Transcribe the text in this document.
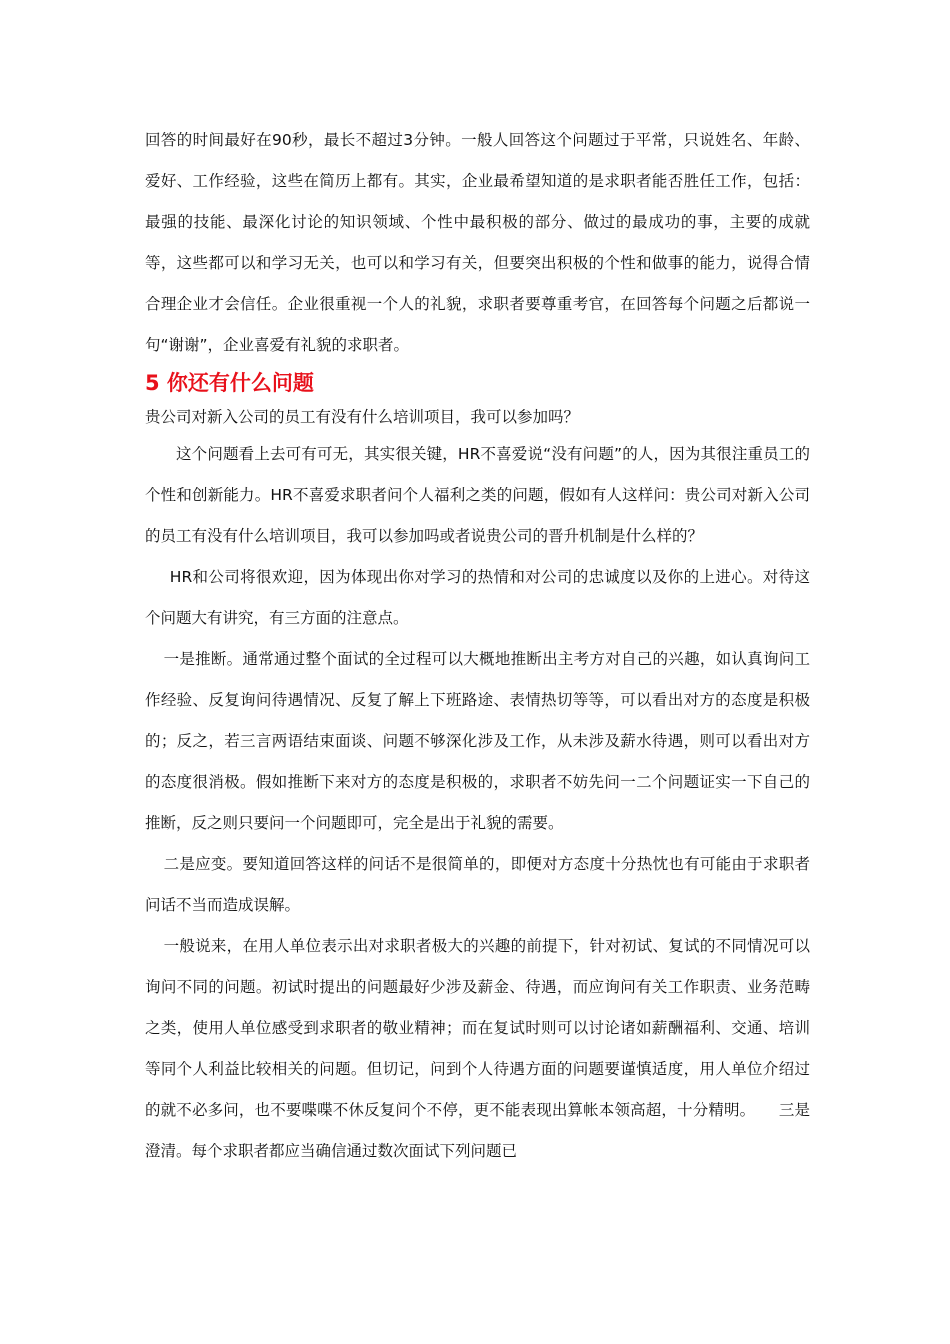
回答的时间最好在90秒，最长不超过3分钟。一般人回答这个问题过于平常，只说姓名、年龄、爱好、工作经验，这些在简历上都有。其实，企业最希望知道的是求职者能否胜任工作，包括：最强的技能、最深化讨论的知识领域、个性中最积极的部分、做过的最成功的事，主要的成就等，这些都可以和学习无关，也可以和学习有关，但要突出积极的个性和做事的能力，说得合情合理企业才会信任。企业很重视一个人的礼貌，求职者要尊重考官，在回答每个问题之后都说一句“谢谢”，企业喜爱有礼貌的求职者。

5 你还有什么问题

贵公司对新入公司的员工有没有什么培训项目，我可以参加吗？

这个问题看上去可有可无，其实很关键，HR不喜爱说“没有问题”的人，因为其很注重员工的个性和创新能力。HR不喜爱求职者问个人福利之类的问题，假如有人这样问：贵公司对新入公司的员工有没有什么培训项目，我可以参加吗或者说贵公司的晋升机制是什么样的？

HR和公司将很欢迎，因为体现出你对学习的热情和对公司的忠诚度以及你的上进心。对待这个问题大有讲究，有三方面的注意点。

一是推断。通常通过整个面试的全过程可以大概地推断出主考方对自己的兴趣，如认真询问工作经验、反复询问待遇情况、反复了解上下班路途、表情热切等等，可以看出对方的态度是积极的；反之，若三言两语结束面谈、问题不够深化涉及工作，从未涉及薪水待遇，则可以看出对方的态度很消极。假如推断下来对方的态度是积极的，求职者不妨先问一二个问题证实一下自己的推断，反之则只要问一个问题即可，完全是出于礼貌的需要。

二是应变。要知道回答这样的问话不是很简单的，即便对方态度十分热忱也有可能由于求职者问话不当而造成误解。

一般说来，在用人单位表示出对求职者极大的兴趣的前提下，针对初试、复试的不同情况可以询问不同的问题。初试时提出的问题最好少涉及薪金、待遇，而应询问有关工作职责、业务范畴之类，使用人单位感受到求职者的敬业精神；而在复试时则可以讨论诸如薪酬福利、交通、培训等同个人利益比较相关的问题。但切记，问到个人待遇方面的问题要谨慎适度，用人单位介绍过的就不必多问，也不要喋喋不休反复问个不停，更不能表现出算帐本领高超，十分精明。　　三是澄清。每个求职者都应当确信通过数次面试下列问题已
